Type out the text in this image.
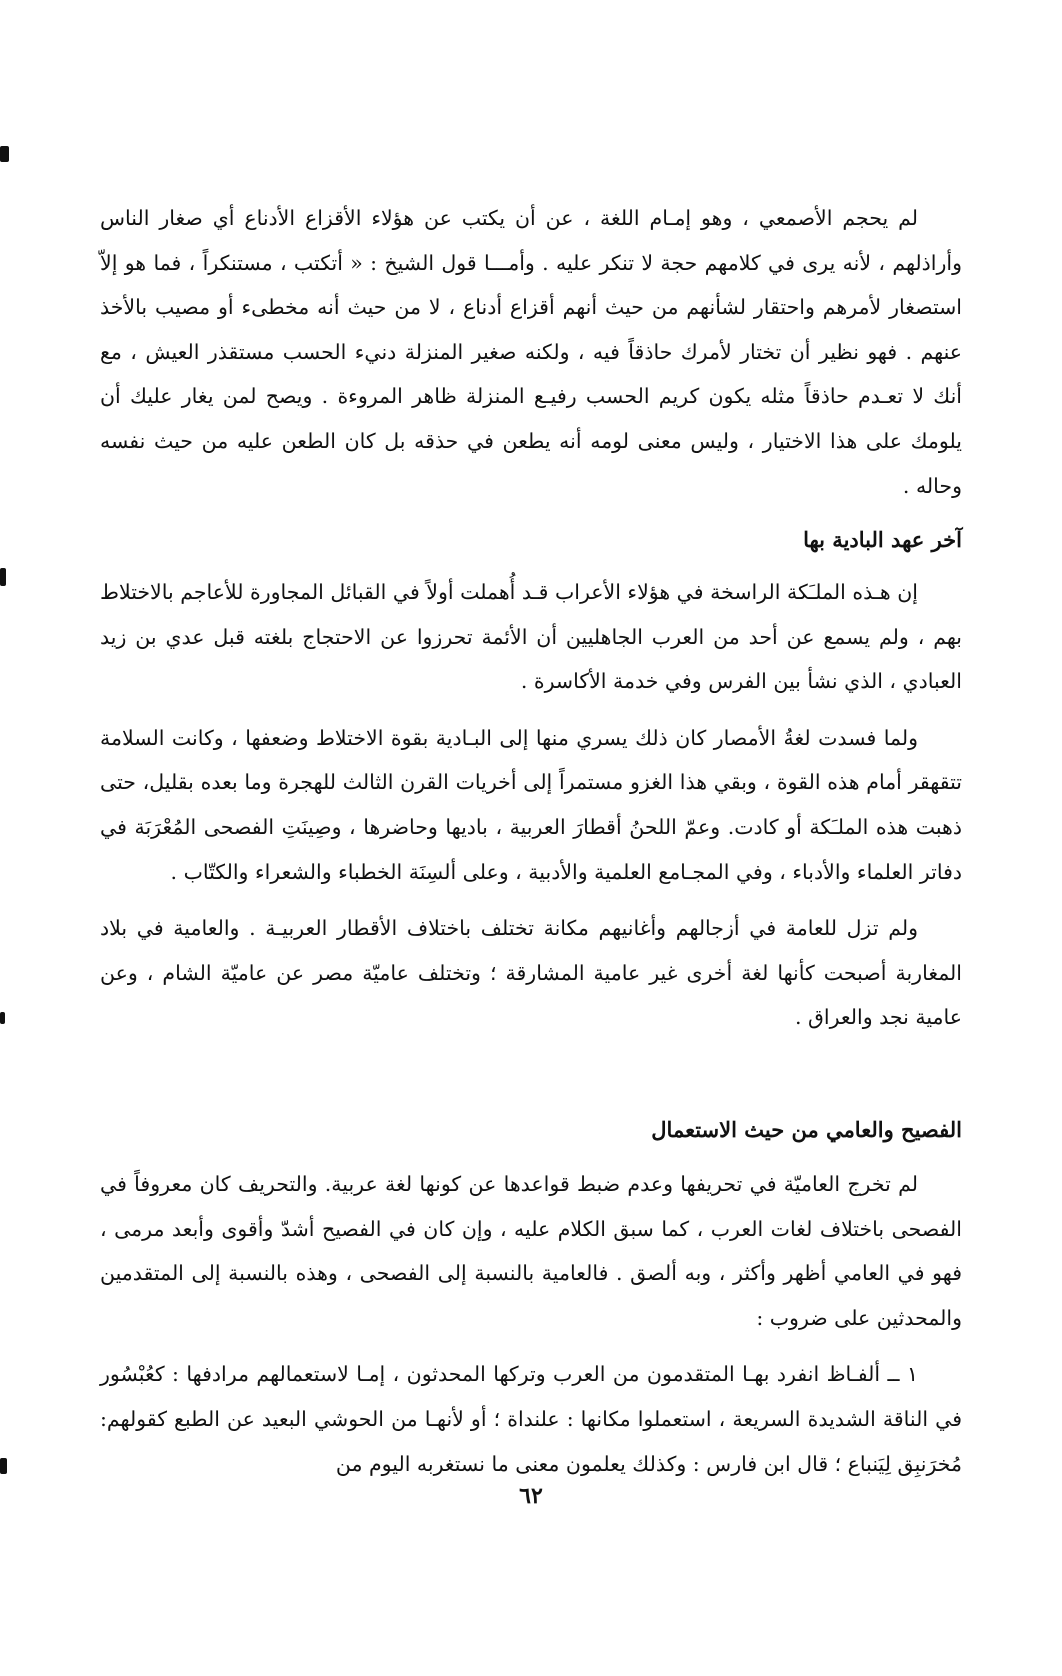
لم يحجم الأصمعي ، وهو إمـام اللغة ، عن أن يكتب عن هؤلاء الأقزاع الأدناع أي صغار الناس وأراذلهم ، لأنه يرى في كلامهم حجة لا تنكر عليه . وأمـــا قول الشيخ : « أتكتب ، مستنكراً ، فما هو إلاّ استصغار لأمرهم واحتقار لشأنهم من حيث أنهم أقزاع أدناع ، لا من حيث أنه مخطىء أو مصيب بالأخذ عنهم . فهو نظير أن تختار لأمرك حاذقاً فيه ، ولكنه صغير المنزلة دنيء الحسب مستقذر العيش ، مع أنك لا تعـدم حاذقاً مثله يكون كريم الحسب رفيـع المنزلة ظاهر المروءة . ويصح لمن يغار عليك أن يلومك على هذا الاختيار ، وليس معنى لومه أنه يطعن في حذقه بل كان الطعن عليه من حيث نفسه وحاله .

آخر عهد البادية بها

إن هـذه الملـَكة الراسخة في هؤلاء الأعراب قـد أُهملت أولاً في القبائل المجاورة للأعاجم بالاختلاط بهم ، ولم يسمع عن أحد من العرب الجاهليين أن الأئمة تحرزوا عن الاحتجاج بلغته قبل عدي بن زيد العبادي ، الذي نشأ بين الفرس وفي خدمة الأكاسرة .

ولما فسدت لغةُ الأمصار كان ذلك يسري منها إلى البـادية بقوة الاختلاط وضعفها ، وكانت السلامة تتقهقر أمام هذه القوة ، وبقي هذا الغزو مستمراً إلى أخريات القرن الثالث للهجرة وما بعده بقليل، حتى ذهبت هذه الملـَكة أو كادت. وعمّ اللحنُ أقطارَ العربية ، باديها وحاضرها ، وصِينَتِ الفصحى المُعْرَبَة في دفاتر العلماء والأدباء ، وفي المجـامع العلمية والأدبية ، وعلى ألسِنَة الخطباء والشعراء والكتّاب .

ولم تزل للعامة في أزجالهم وأغانيهم مكانة تختلف باختلاف الأقطار العربيـة . والعامية في بلاد المغاربة أصبحت كأنها لغة أخرى غير عامية المشارقة ؛ وتختلف عاميّة مصر عن عاميّة الشام ، وعن عامية نجد والعراق .

الفصيح والعامي من حيث الاستعمال

لم تخرج العاميّة في تحريفها وعدم ضبط قواعدها عن كونها لغة عربية. والتحريف كان معروفاً في الفصحى باختلاف لغات العرب ، كما سبق الكلام عليه ، وإن كان في الفصيح أشدّ وأقوى وأبعد مرمى ، فهو في العامي أظهر وأكثر ، وبه ألصق . فالعامية بالنسبة إلى الفصحى ، وهذه بالنسبة إلى المتقدمين والمحدثين على ضروب :

١ ــ ألفـاظ انفرد بهـا المتقدمون من العرب وتركها المحدثون ، إمـا لاستعمالهم مرادفها : كعُبْسُور في الناقة الشديدة السريعة ، استعملوا مكانها : علنداة ؛ أو لأنهـا من الحوشي البعيد عن الطبع كقولهم: مُخرَنبِق لِيَنباع ؛ قال ابن فارس : وكذلك يعلمون معنى ما نستغربه اليوم من

٦٢
